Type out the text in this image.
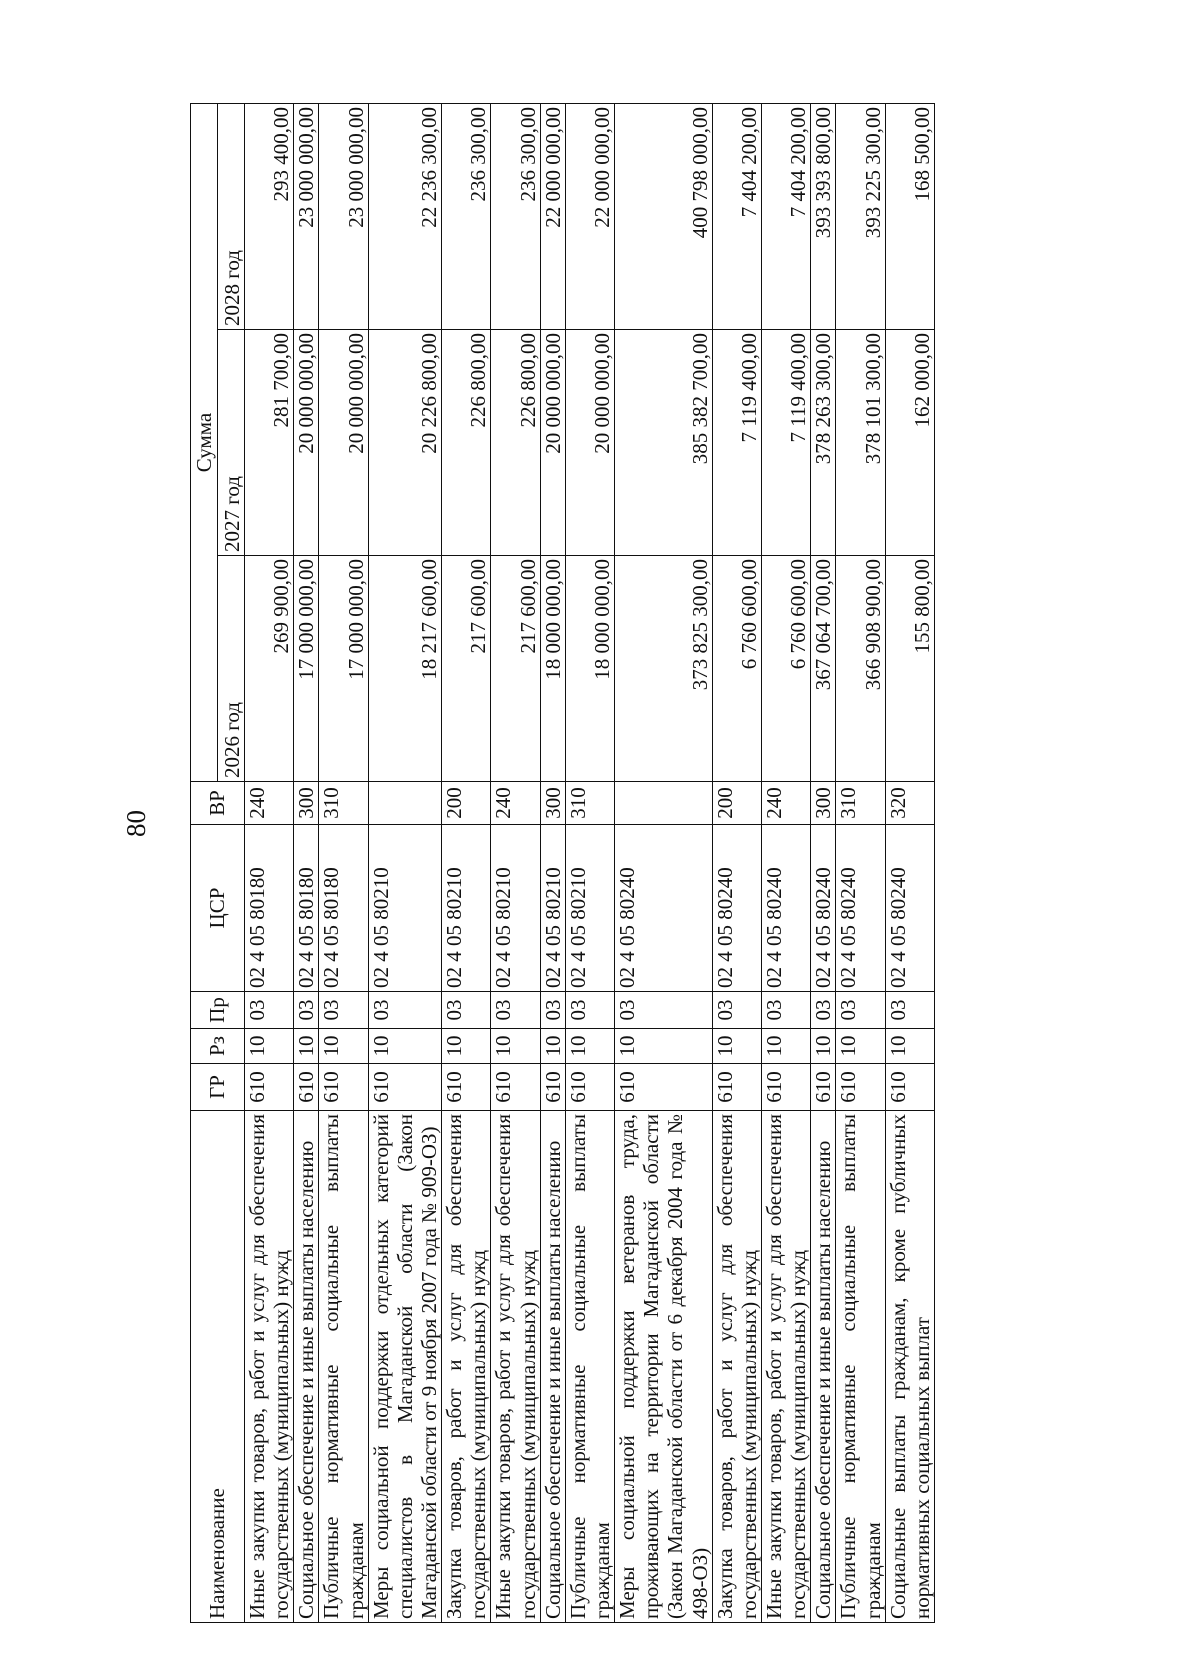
80
Наименование	ГР	Рз	Пр	ЦСР	ВР	Сумма		
						2026 год	2027 год	2028 год
Иные закупки товаров, работ и услуг для обеспечения государственных (муниципальных) нужд	610	10	03	02 4 05 80180	240	269 900,00	281 700,00	293 400,00
Социальное обеспечение и иные выплаты населению	610	10	03	02 4 05 80180	300	17 000 000,00	20 000 000,00	23 000 000,00
Публичные нормативные социальные выплаты гражданам	610	10	03	02 4 05 80180	310	17 000 000,00	20 000 000,00	23 000 000,00
Меры социальной поддержки отдельных категорий специалистов в Магаданской области (Закон Магаданской области от 9 ноября 2007 года № 909-ОЗ)	610	10	03	02 4 05 80210		18 217 600,00	20 226 800,00	22 236 300,00
Закупка товаров, работ и услуг для обеспечения государственных (муниципальных) нужд	610	10	03	02 4 05 80210	200	217 600,00	226 800,00	236 300,00
Иные закупки товаров, работ и услуг для обеспечения государственных (муниципальных) нужд	610	10	03	02 4 05 80210	240	217 600,00	226 800,00	236 300,00
Социальное обеспечение и иные выплаты населению	610	10	03	02 4 05 80210	300	18 000 000,00	20 000 000,00	22 000 000,00
Публичные нормативные социальные выплаты гражданам	610	10	03	02 4 05 80210	310	18 000 000,00	20 000 000,00	22 000 000,00
Меры социальной поддержки ветеранов труда, проживающих на территории Магаданской области (Закон Магаданской области от 6 декабря 2004 года № 498-ОЗ)	610	10	03	02 4 05 80240		373 825 300,00	385 382 700,00	400 798 000,00
Закупка товаров, работ и услуг для обеспечения государственных (муниципальных) нужд	610	10	03	02 4 05 80240	200	6 760 600,00	7 119 400,00	7 404 200,00
Иные закупки товаров, работ и услуг для обеспечения государственных (муниципальных) нужд	610	10	03	02 4 05 80240	240	6 760 600,00	7 119 400,00	7 404 200,00
Социальное обеспечение и иные выплаты населению	610	10	03	02 4 05 80240	300	367 064 700,00	378 263 300,00	393 393 800,00
Публичные нормативные социальные выплаты гражданам	610	10	03	02 4 05 80240	310	366 908 900,00	378 101 300,00	393 225 300,00
Социальные выплаты гражданам, кроме публичных нормативных социальных выплат	610	10	03	02 4 05 80240	320	155 800,00	162 000,00	168 500,00
